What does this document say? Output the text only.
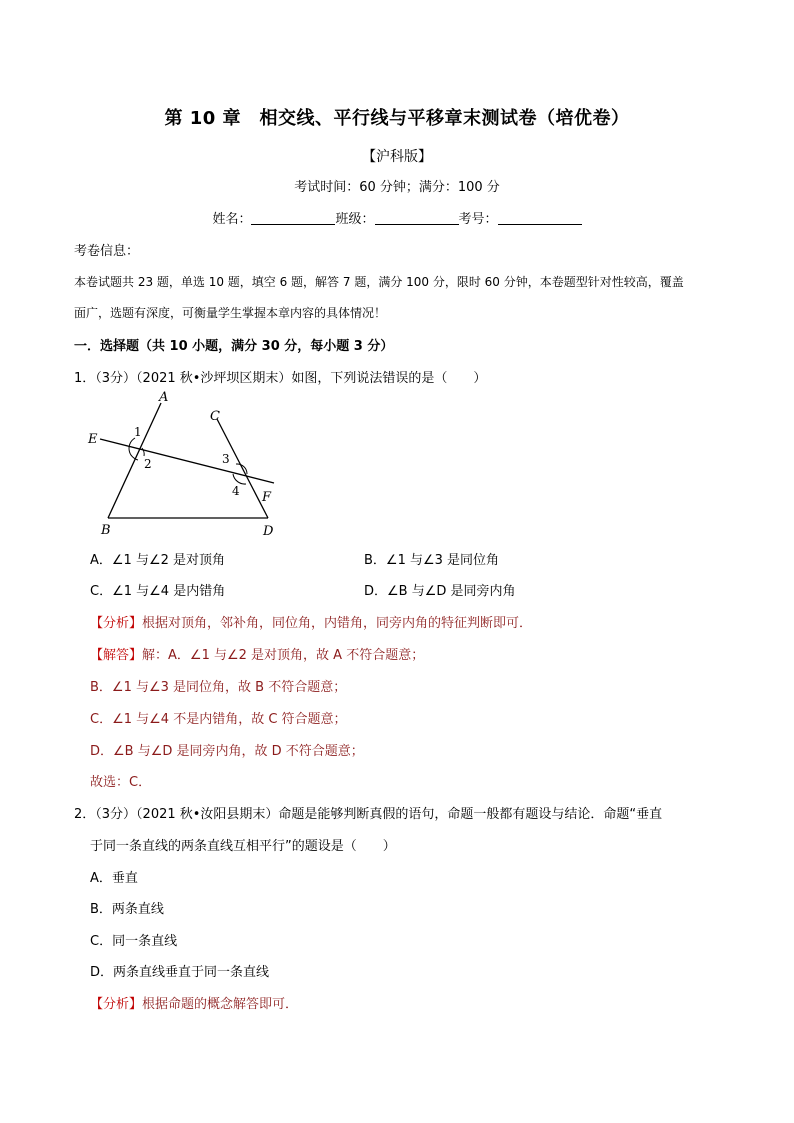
第 10 章　相交线、平行线与平移章末测试卷（培优卷）
【沪科版】
考试时间：60 分钟；满分：100 分
姓名：	班级：	考号：
考卷信息：
本卷试题共 23 题，单选 10 题，填空 6 题，解答 7 题，满分 100 分，限时 60 分钟，本卷题型针对性较高，覆盖
面广，选题有深度，可衡量学生掌握本章内容的具体情况！
一．选择题（共 10 小题，满分 30 分，每小题 3 分）
1．（3分）（2021 秋•沙坪坝区期末）如图，下列说法错误的是（　　）
A
C
E	1
2	3
4 F
B	D
A．∠1 与∠2 是对顶角	B．∠1 与∠3 是同位角
C．∠1 与∠4 是内错角	D．∠B 与∠D 是同旁内角
【分析】根据对顶角，邻补角，同位角，内错角，同旁内角的特征判断即可．
【解答】解：A．∠1 与∠2 是对顶角，故 A 不符合题意；
B．∠1 与∠3 是同位角，故 B 不符合题意；
C．∠1 与∠4 不是内错角，故 C 符合题意；
D．∠B 与∠D 是同旁内角，故 D 不符合题意；
故选：C．
2．（3分）（2021 秋•汝阳县期末）命题是能够判断真假的语句，命题一般都有题设与结论．命题“垂直
于同一条直线的两条直线互相平行”的题设是（　　）
A．垂直
B．两条直线
C．同一条直线
D．两条直线垂直于同一条直线
【分析】根据命题的概念解答即可．
